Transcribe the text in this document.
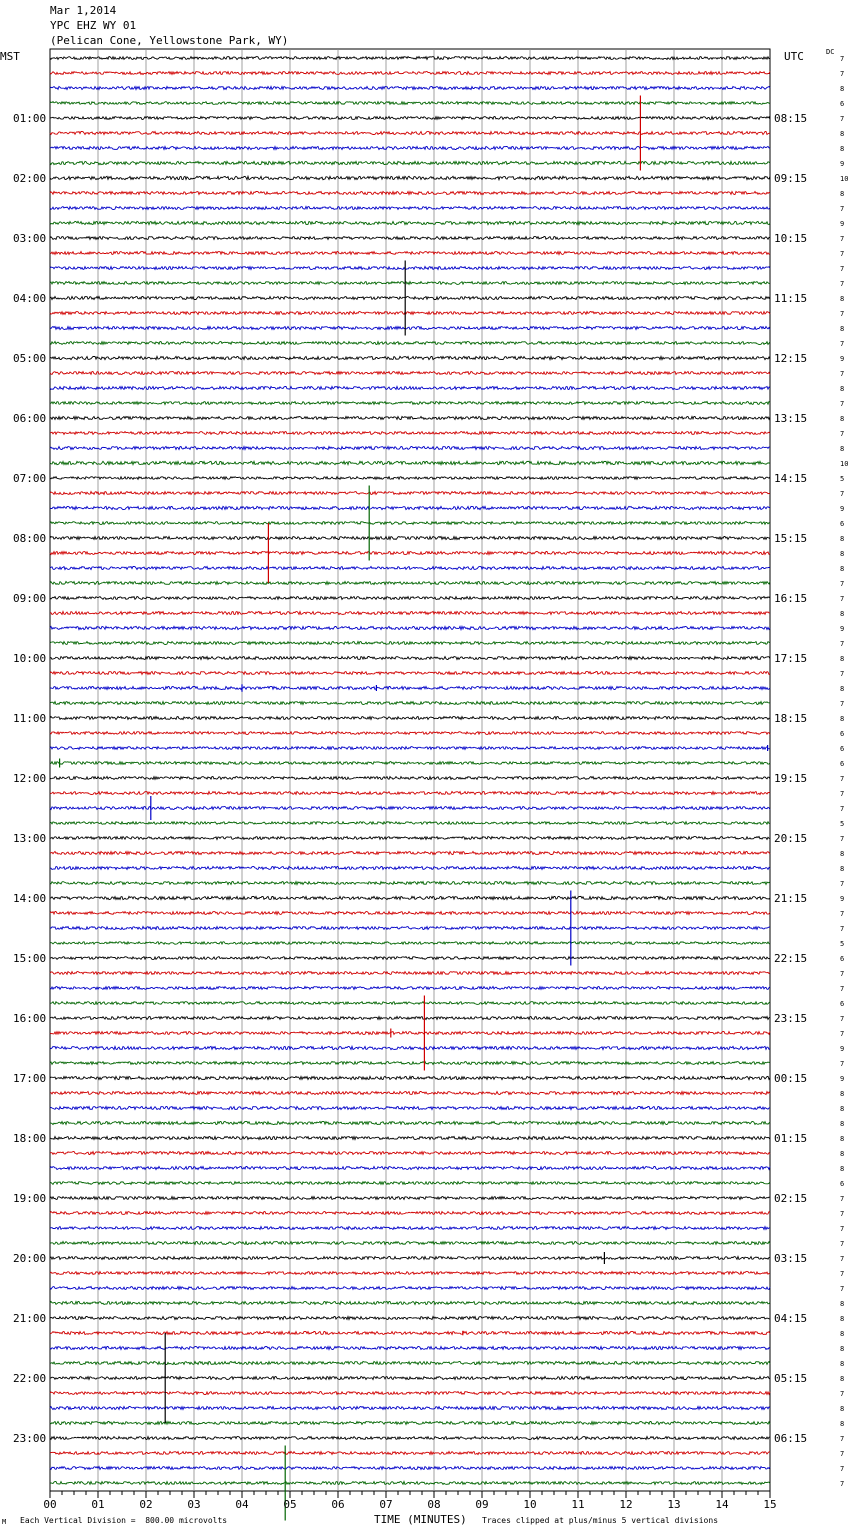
Mar 1,2014
YPC EHZ WY 01
(Pelican Cone, Yellowstone Park, WY)
MST	UTC	DC
01:00
02:00
03:00
04:00
05:00
06:00
07:00
08:00
09:00
10:00
11:00
12:00
13:00
14:00
15:00
16:00
17:00
18:00
19:00
20:00
21:00
22:00
23:00
08:15
09:15
10:15
11:15
12:15
13:15
14:15
15:15
16:15
17:15
18:15
19:15
20:15
21:15
22:15
23:15
00:15
01:15
02:15
03:15
04:15
05:15
06:15
7
7
8
6
7
8
8
9
10
8
7
9
7
7
7
7
8
7
8
7
9
7
8
7
8
7
8
10
5
7
9
6
8
8
8
7
7
8
9
7
8
7
8
7
8
6
6
6
7
7
7
5
7
8
8
7
9
7
7
5
6
7
7
6
7
7
9
7
9
8
8
8
8
8
8
6
7
7
7
7
7
7
7
8
8
8
8
8
8
7
8
8
7
7
7
7
00	01	02	03	04	05	06	07	08	09	10	11	12	13	14	15
TIME (MINUTES)
M Each Vertical Division =  800.00 microvolts	Traces clipped at plus/minus 5 vertical divisions
